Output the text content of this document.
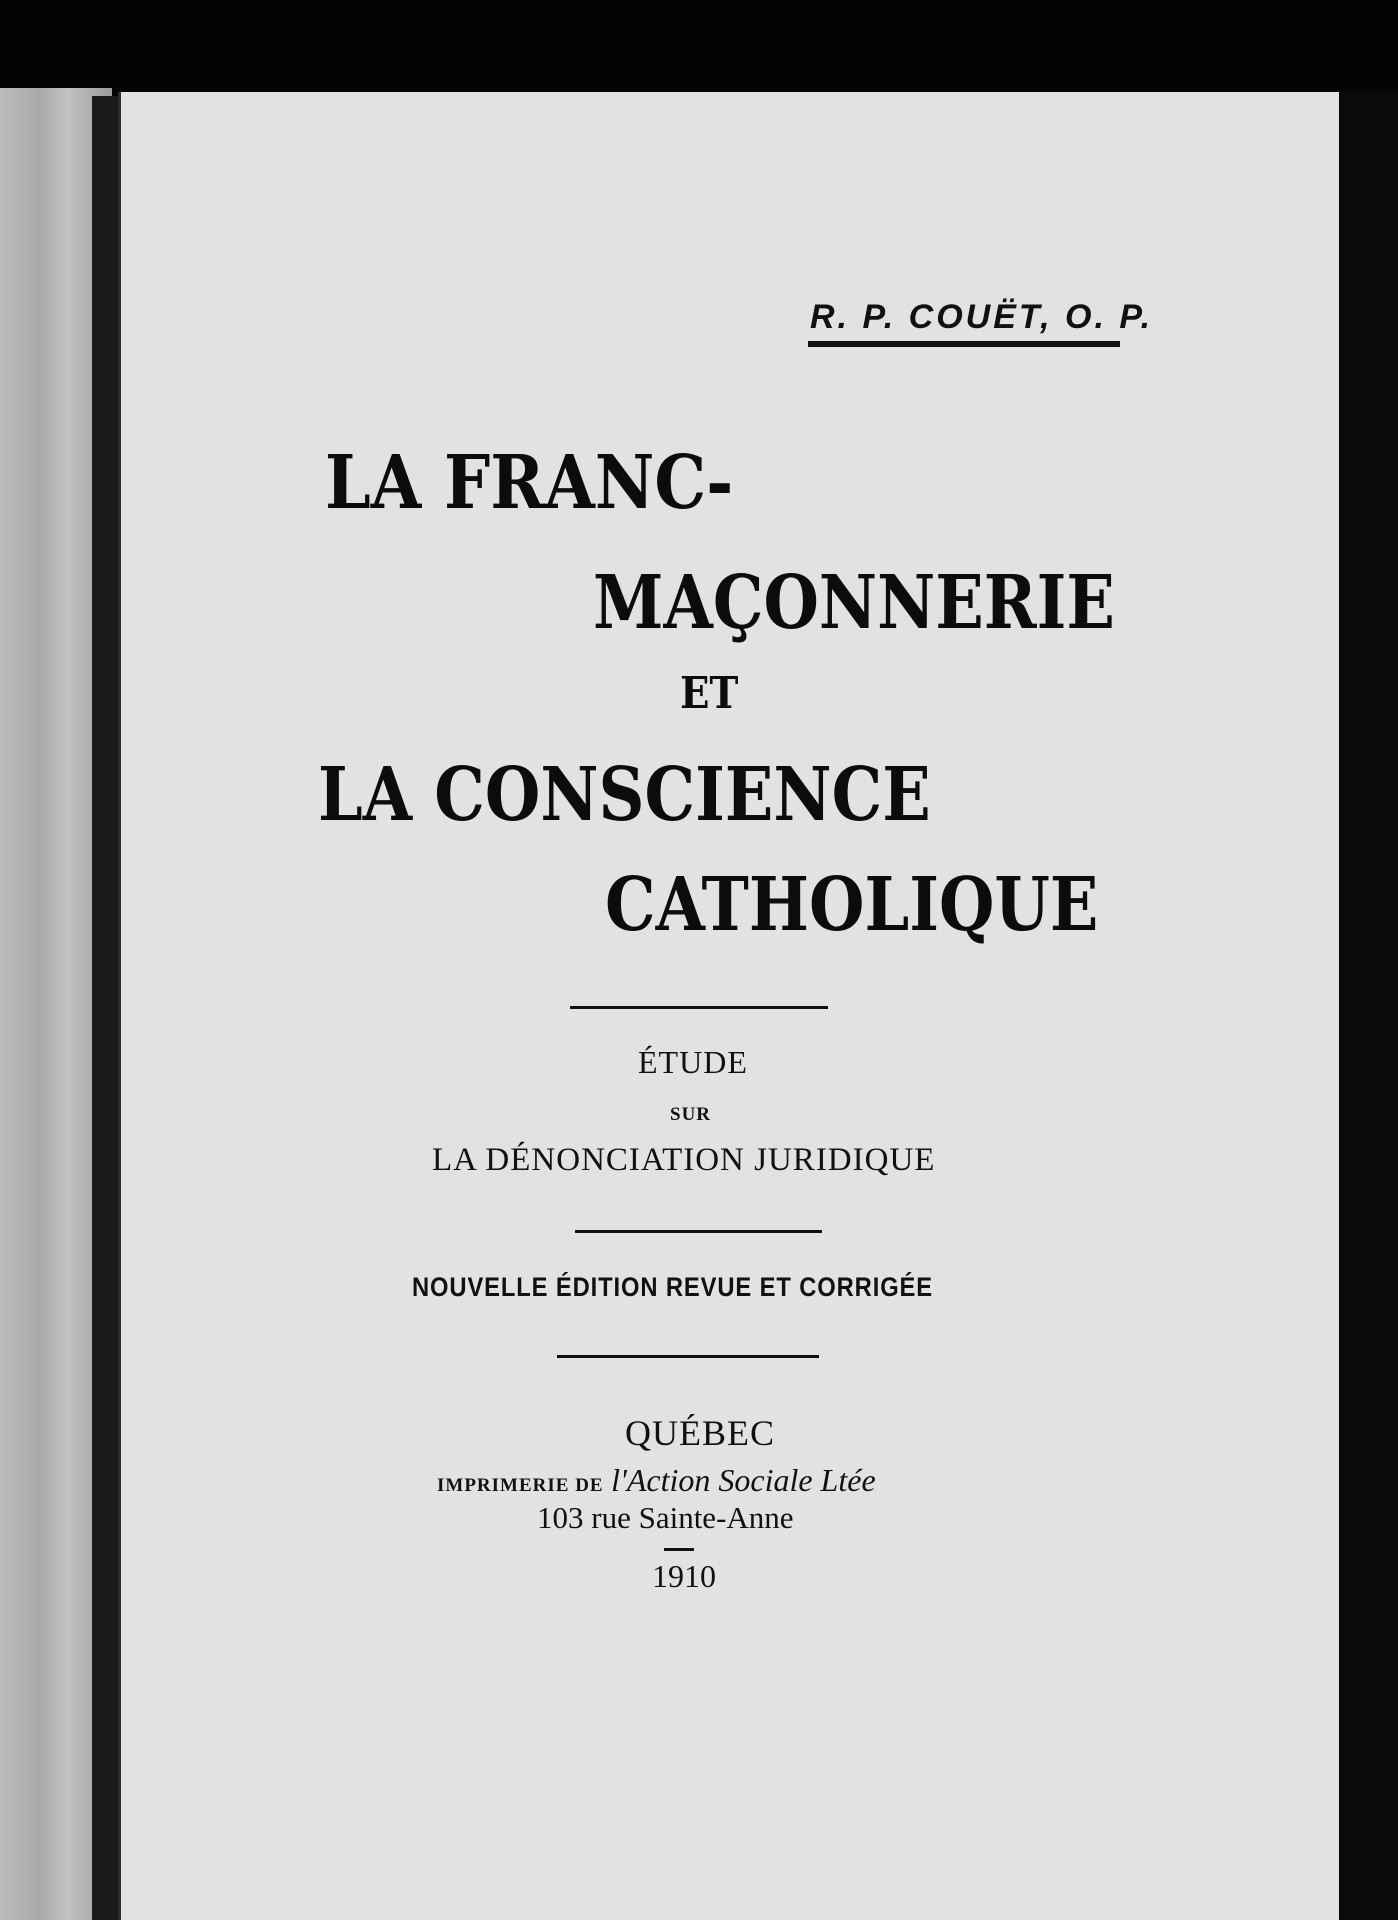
R. P. COUËT, O. P.
LA FRANC-
MAÇONNERIE
ET
LA CONSCIENCE
CATHOLIQUE
ÉTUDE
SUR
LA DÉNONCIATION JURIDIQUE
NOUVELLE ÉDITION REVUE ET CORRIGÉE
QUÉBEC
IMPRIMERIE DE l'Action Sociale Ltée
103 rue Sainte-Anne
1910
